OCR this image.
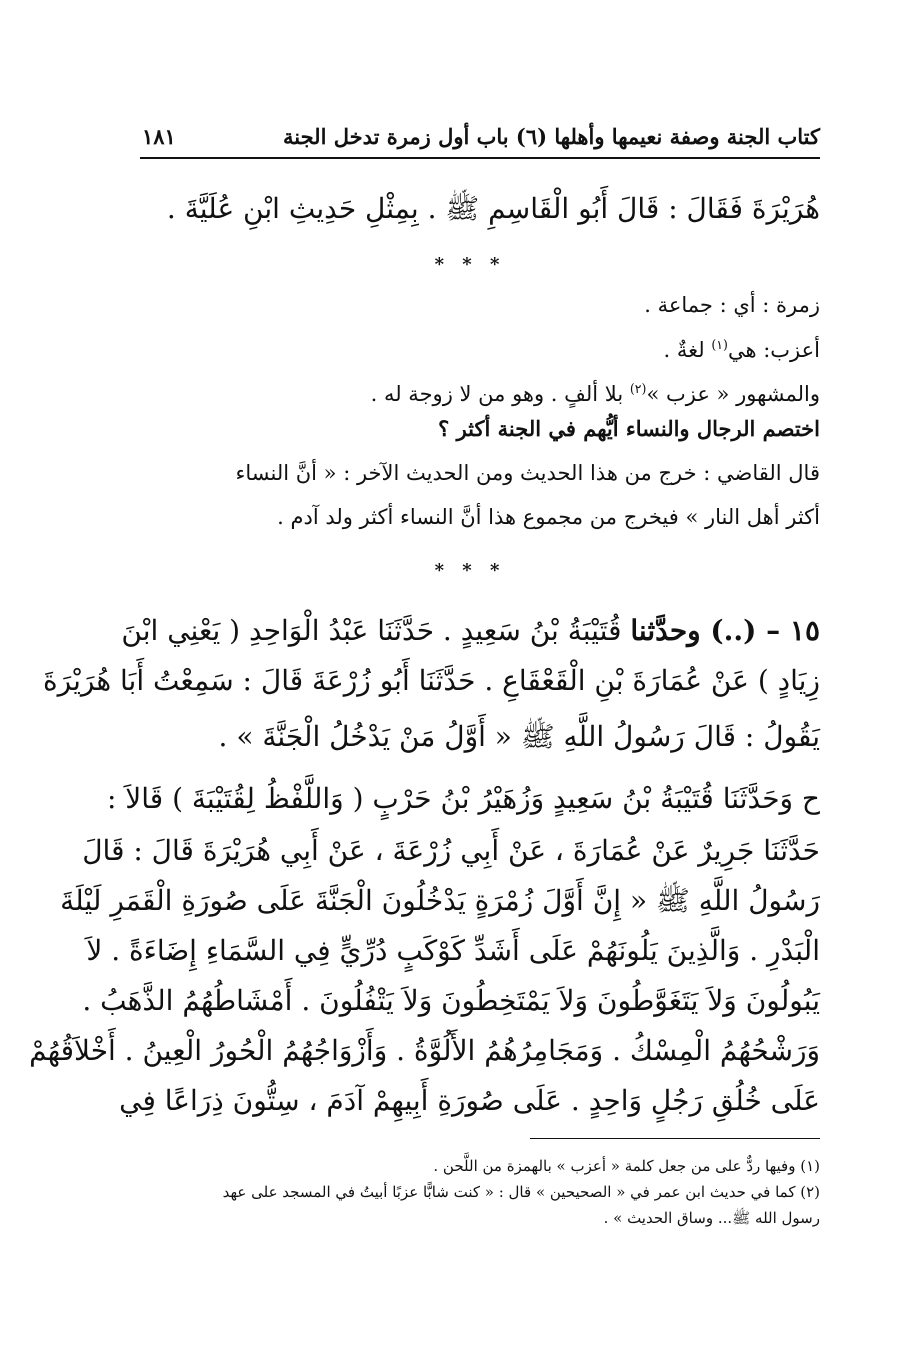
كتاب الجنة وصفة نعيمها وأهلها (٦) باب أول زمرة تدخل الجنة
١٨١
هُرَيْرَةَ فَقَالَ : قَالَ أَبُو الْقَاسِمِ ﷺ . بِمِثْلِ حَدِيثِ ابْنِ عُلَيَّةَ .
* * *
زمرة : أي : جماعة .
أعزب: هي$^{(١)}$ لغةٌ .
والمشهور « عزب »$^{(٢)}$ بلا ألفٍ . وهو من لا زوجة له .
اختصم الرجال والنساء أيُّهم في الجنة أكثر ؟
قال القاضي : خرج من هذا الحديث ومن الحديث الآخر : « أنَّ النساء
أكثر أهل النار » فيخرج من مجموع هذا أنَّ النساء أكثر ولد آدم .
* * *
١٥ – (..) وحدَّثنا قُتَيْبَةُ بْنُ سَعِيدٍ . حَدَّثَنَا عَبْدُ الْوَاحِدِ ( يَعْنِي ابْنَ
زِيَادٍ ) عَنْ عُمَارَةَ بْنِ الْقَعْقَاعِ . حَدَّثَنَا أَبُو زُرْعَةَ قَالَ : سَمِعْتُ أَبَا هُرَيْرَةَ
يَقُولُ : قَالَ رَسُولُ اللَّهِ ﷺ « أَوَّلُ مَنْ يَدْخُلُ الْجَنَّةَ » .
ح وَحَدَّثَنَا قُتَيْبَةُ بْنُ سَعِيدٍ وَزُهَيْرُ بْنُ حَرْبٍ ( وَاللَّفْظُ لِقُتَيْبَةَ ) قَالاَ :
حَدَّثَنَا جَرِيرٌ عَنْ عُمَارَةَ ، عَنْ أَبِي زُرْعَةَ ، عَنْ أَبِي هُرَيْرَةَ قَالَ : قَالَ
رَسُولُ اللَّهِ ﷺ « إِنَّ أَوَّلَ زُمْرَةٍ يَدْخُلُونَ الْجَنَّةَ عَلَى صُورَةِ الْقَمَرِ لَيْلَةَ
الْبَدْرِ . وَالَّذِينَ يَلُونَهُمْ عَلَى أَشَدِّ كَوْكَبٍ دُرِّيٍّ فِي السَّمَاءِ إِضَاءَةً . لاَ
يَبُولُونَ وَلاَ يَتَغَوَّطُونَ وَلاَ يَمْتَخِطُونَ وَلاَ يَتْفُلُونَ . أَمْشَاطُهُمُ الذَّهَبُ .
وَرَشْحُهُمُ الْمِسْكُ . وَمَجَامِرُهُمُ الأَلُوَّةُ . وَأَزْوَاجُهُمُ الْحُورُ الْعِينُ . أَخْلاَقُهُمْ
عَلَى خُلُقِ رَجُلٍ وَاحِدٍ . عَلَى صُورَةِ أَبِيهِمْ آدَمَ ، سِتُّونَ ذِرَاعًا فِي
(١) وفيها ردٌّ على من جعل كلمة « أعزب » بالهمزة من اللَّحن .
(٢) كما في حديث ابن عمر في « الصحيحين » قال : « كنت شابًّا عزبًا أبيتُ في المسجد على عهد
رسول الله ﷺ... وساق الحديث » .
